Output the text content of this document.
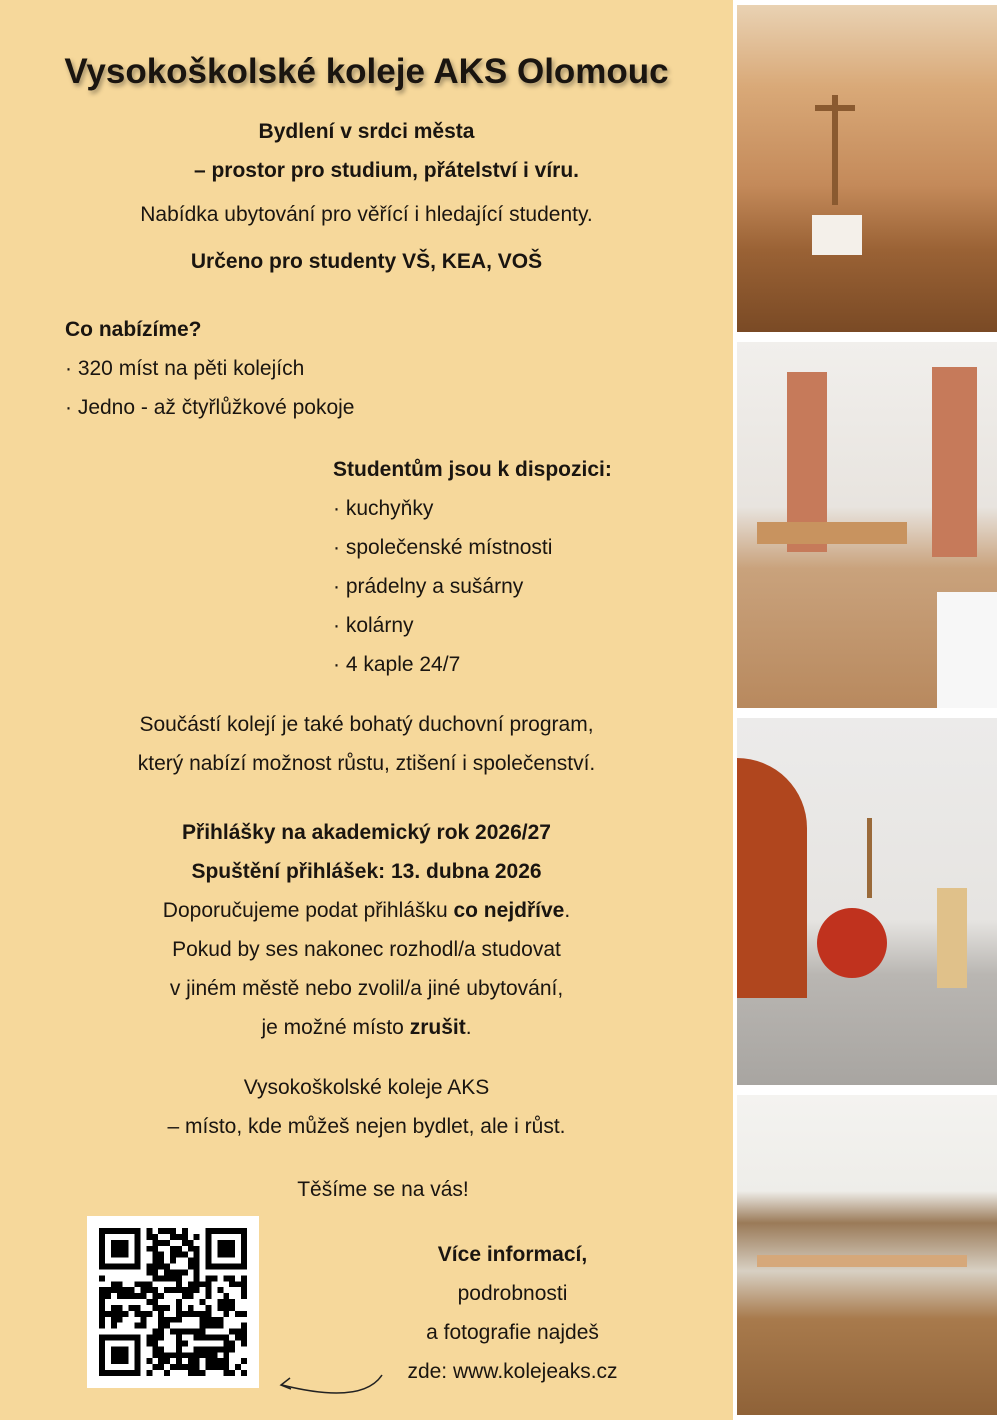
Vysokoškolské koleje AKS Olomouc
Bydlení v srdci města
– prostor pro studium, přátelství i víru.
Nabídka ubytování pro věřící i hledající studenty.
Určeno pro studenty VŠ, KEA, VOŠ
Co nabízíme?
· 320 míst na pěti kolejích
· Jedno - až čtyřlůžkové pokoje
Studentům jsou k dispozici:
· kuchyňky
· společenské místnosti
· prádelny a sušárny
· kolárny
· 4 kaple 24/7
Součástí kolejí je také bohatý duchovní program,
který nabízí možnost růstu, ztišení i společenství.
Přihlášky na akademický rok 2026/27
Spuštění přihlášek: 13. dubna 2026
Doporučujeme podat přihlášku co nejdříve.
Pokud by ses nakonec rozhodl/a studovat
v jiném městě nebo zvolil/a jiné ubytování,
je možné místo zrušit.
Vysokoškolské koleje AKS
– místo, kde můžeš nejen bydlet, ale i růst.
Těšíme se na vás!
Více informací,
podrobnosti
a fotografie najdeš
zde: www.kolejeaks.cz
